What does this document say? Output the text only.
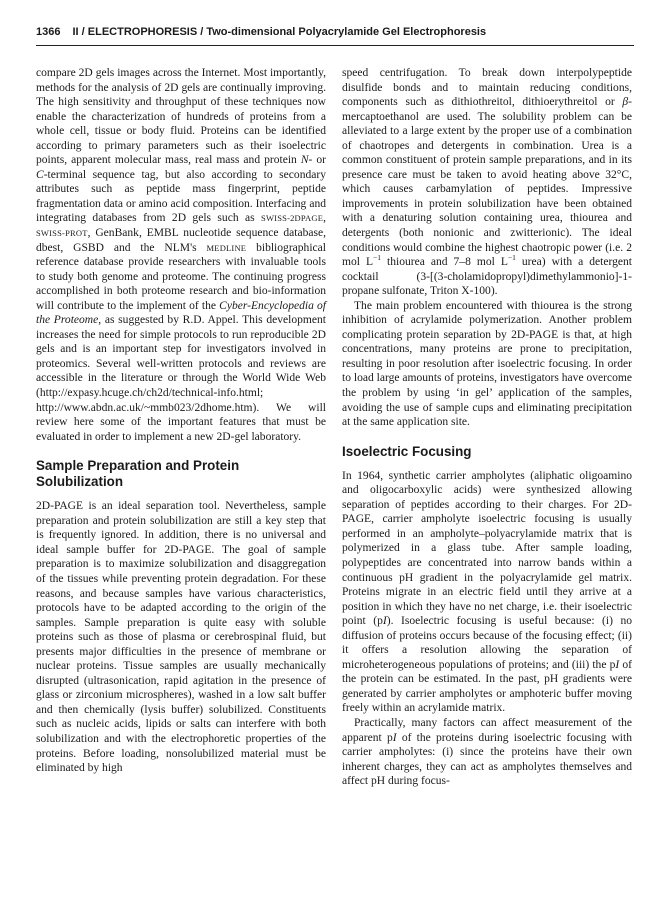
1366 II / ELECTROPHORESIS / Two-dimensional Polyacrylamide Gel Electrophoresis

compare 2D gels images across the Internet. Most importantly, methods for the analysis of 2D gels are continually improving. The high sensitivity and throughput of these techniques now enable the characterization of hundreds of proteins from a whole cell, tissue or body fluid. Proteins can be identified according to primary parameters such as their isoelectric points, apparent molecular mass, real mass and protein N- or C-terminal sequence tag, but also according to secondary attributes such as peptide mass fingerprint, peptide fragmentation data or amino acid composition. Interfacing and integrating databases from 2D gels such as SWISS-2DPAGE, SWISS-PROT, GenBank, EMBL nucleotide sequence database, dbest, GSBD and the NLM's MEDLINE bibliographical reference database provide researchers with invaluable tools to study both genome and proteome. The continuing progress accomplished in both proteome research and bio-information will contribute to the implement of the Cyber-Encyclopedia of the Proteome, as suggested by R.D. Appel. This development increases the need for simple protocols to run reproducible 2D gels and is an important step for investigators involved in proteomics. Several well-written protocols and reviews are accessible in the literature or through the World Wide Web (http://expasy.hcuge.ch/ch2d/technical-info.html; http://www.abdn.ac.uk/~mmb023/2dhome.htm). We will review here some of the important features that must be evaluated in order to implement a new 2D-gel laboratory.

Sample Preparation and Protein Solubilization

2D-PAGE is an ideal separation tool. Nevertheless, sample preparation and protein solubilization are still a key step that is frequently ignored. In addition, there is no universal and ideal sample buffer for 2D-PAGE. The goal of sample preparation is to maximize solubilization and disaggregation of the tissues while preventing protein degradation. For these reasons, and because samples have various characteristics, protocols have to be adapted according to the origin of the samples. Sample preparation is quite easy with soluble proteins such as those of plasma or cerebrospinal fluid, but presents major difficulties in the presence of membrane or nuclear proteins. Tissue samples are usually mechanically disrupted (ultrasonication, rapid agitation in the presence of glass or zirconium microspheres), washed in a low salt buffer and then chemically (lysis buffer) solubilized. Constituents such as nucleic acids, lipids or salts can interfere with both solubilization and with the electrophoretic properties of the proteins. Before loading, nonsolubilized material must be eliminated by high

speed centrifugation. To break down interpolypeptide disulfide bonds and to maintain reducing conditions, components such as dithiothreitol, dithioerythreitol or β-mercaptoethanol are used. The solubility problem can be alleviated to a large extent by the proper use of a combination of chaotropes and detergents in combination. Urea is a common constituent of protein sample preparations, and in its presence care must be taken to avoid heating above 32°C, which causes carbamylation of peptides. Impressive improvements in protein solubilization have been obtained with a denaturing solution containing urea, thiourea and detergents (both nonionic and zwitterionic). The ideal conditions would combine the highest chaotropic power (i.e. 2 mol $L^{-1}$ thiourea and 7–8 mol $L^{-1}$ urea) with a detergent cocktail (3-[(3-cholamidopropyl)dimethylammonio]-1-propane sulfonate, Triton X-100).

The main problem encountered with thiourea is the strong inhibition of acrylamide polymerization. Another problem complicating protein separation by 2D-PAGE is that, at high concentrations, many proteins are prone to precipitation, resulting in poor resolution after isoelectric focusing. In order to load large amounts of proteins, investigators have overcome the problem by using ‘in gel’ application of the samples, avoiding the use of sample cups and eliminating precipitation at the same application site.

Isoelectric Focusing

In 1964, synthetic carrier ampholytes (aliphatic oligoamino and oligocarboxylic acids) were synthesized allowing separation of peptides according to their charges. For 2D-PAGE, carrier ampholyte isoelectric focusing is usually performed in an ampholyte–polyacrylamide matrix that is polymerized in a glass tube. After sample loading, polypeptides are concentrated into narrow bands within a continuous pH gradient in the polyacrylamide gel matrix. Proteins migrate in an electric field until they arrive at a position in which they have no net charge, i.e. their isoelectric point (pI). Isoelectric focusing is useful because: (i) no diffusion of proteins occurs because of the focusing effect; (ii) it offers a resolution allowing the separation of microheterogeneous populations of proteins; and (iii) the pI of the protein can be estimated. In the past, pH gradients were generated by carrier ampholytes or amphoteric buffer moving freely within an acrylamide matrix.

Practically, many factors can affect measurement of the apparent pI of the proteins during isoelectric focusing with carrier ampholytes: (i) since the proteins have their own inherent charges, they can act as ampholytes themselves and affect pH during focus-
